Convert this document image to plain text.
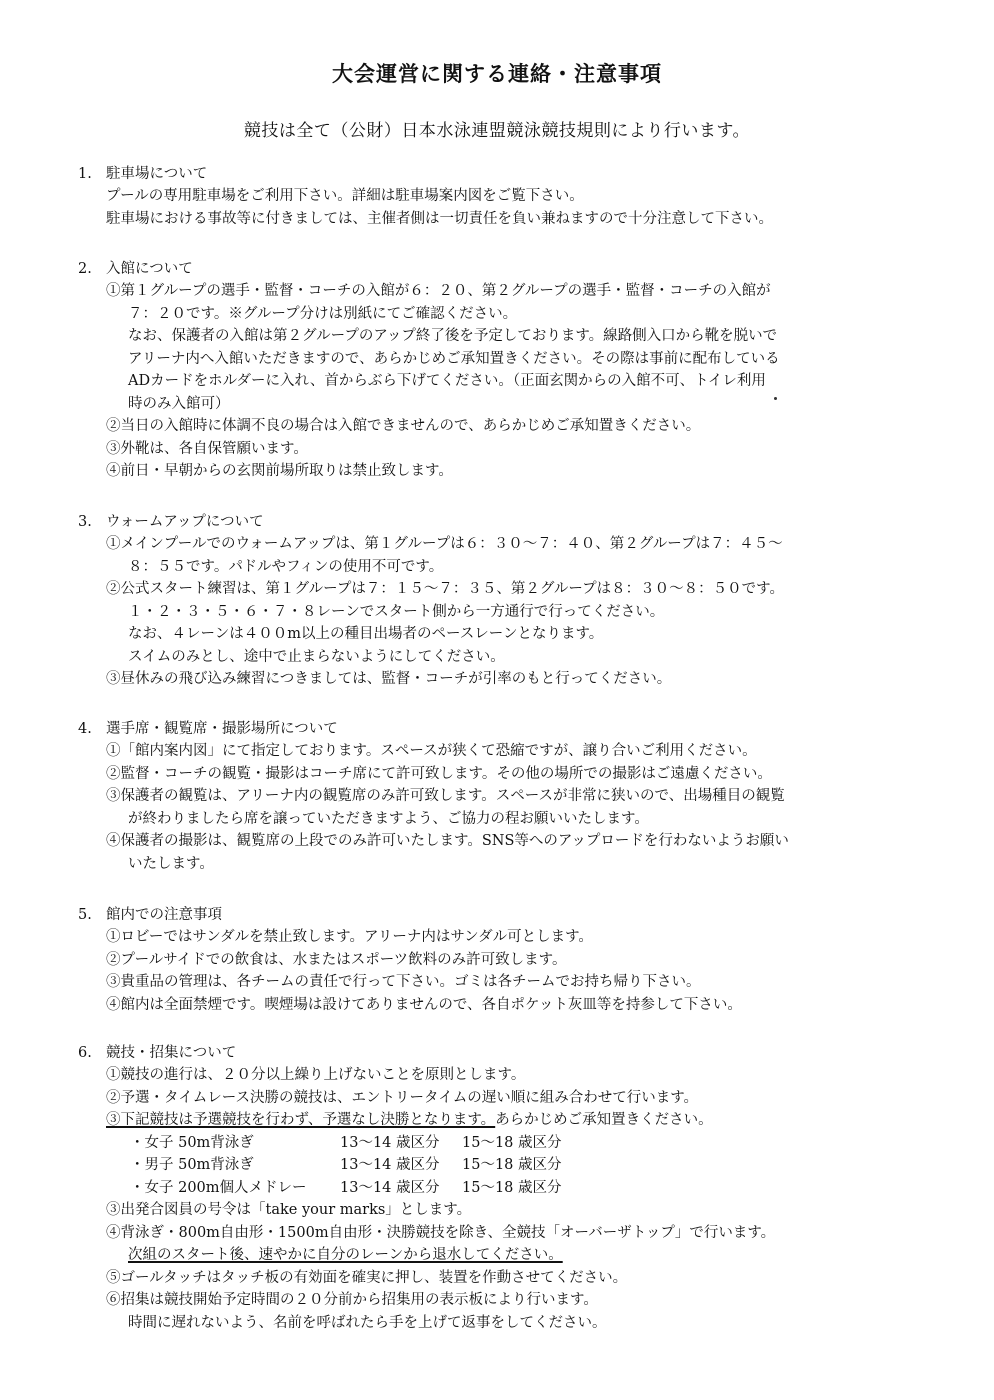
大会運営に関する連絡・注意事項
競技は全て（公財）日本水泳連盟競泳競技規則により行います。
1. 駐車場について
プールの専用駐車場をご利用下さい。詳細は駐車場案内図をご覧下さい。
駐車場における事故等に付きましては、主催者側は一切責任を負い兼ねますので十分注意して下さい。
2. 入館について
①第１グループの選手・監督・コーチの入館が６：２０、第２グループの選手・監督・コーチの入館が
７：２０です。※グループ分けは別紙にてご確認ください。
なお、保護者の入館は第２グループのアップ終了後を予定しております。線路側入口から靴を脱いで
アリーナ内へ入館いただきますので、あらかじめご承知置きください。その際は事前に配布している
ADカードをホルダーに入れ、首からぶら下げてください。（正面玄関からの入館不可、トイレ利用
時のみ入館可）
②当日の入館時に体調不良の場合は入館できませんので、あらかじめご承知置きください。
③外靴は、各自保管願います。
④前日・早朝からの玄関前場所取りは禁止致します。
3. ウォームアップについて
①メインプールでのウォームアップは、第１グループは６：３０～７：４０、第２グループは７：４５～
８：５５です。パドルやフィンの使用不可です。
②公式スタート練習は、第１グループは７：１５～７：３５、第２グループは８：３０～８：５０です。
１・２・３・５・６・７・８レーンでスタート側から一方通行で行ってください。
なお、４レーンは４００m以上の種目出場者のペースレーンとなります。
スイムのみとし、途中で止まらないようにしてください。
③昼休みの飛び込み練習につきましては、監督・コーチが引率のもと行ってください。
4. 選手席・観覧席・撮影場所について
①「館内案内図」にて指定しております。スペースが狭くて恐縮ですが、譲り合いご利用ください。
②監督・コーチの観覧・撮影はコーチ席にて許可致します。その他の場所での撮影はご遠慮ください。
③保護者の観覧は、アリーナ内の観覧席のみ許可致します。スペースが非常に狭いので、出場種目の観覧
が終わりましたら席を譲っていただきますよう、ご協力の程お願いいたします。
④保護者の撮影は、観覧席の上段でのみ許可いたします。SNS等へのアップロードを行わないようお願い
いたします。
5. 館内での注意事項
①ロビーではサンダルを禁止致します。アリーナ内はサンダル可とします。
②プールサイドでの飲食は、水またはスポーツ飲料のみ許可致します。
③貴重品の管理は、各チームの責任で行って下さい。ゴミは各チームでお持ち帰り下さい。
④館内は全面禁煙です。喫煙場は設けてありませんので、各自ポケット灰皿等を持参して下さい。
6. 競技・招集について
①競技の進行は、２０分以上繰り上げないことを原則とします。
②予選・タイムレース決勝の競技は、エントリータイムの遅い順に組み合わせて行います。
③下記競技は予選競技を行わず、予選なし決勝となります。あらかじめご承知置きください。
・女子 50m背泳ぎ	13～14 歳区分	15～18 歳区分
・男子 50m背泳ぎ	13～14 歳区分	15～18 歳区分
・女子 200m個人メドレー	13～14 歳区分	15～18 歳区分
③出発合図員の号令は「take your marks」とします。
④背泳ぎ・800m自由形・1500m自由形・決勝競技を除き、全競技「オーバーザトップ」で行います。
次組のスタート後、速やかに自分のレーンから退水してください。
⑤ゴールタッチはタッチ板の有効面を確実に押し、装置を作動させてください。
⑥招集は競技開始予定時間の２０分前から招集用の表示板により行います。
時間に遅れないよう、名前を呼ばれたら手を上げて返事をしてください。
